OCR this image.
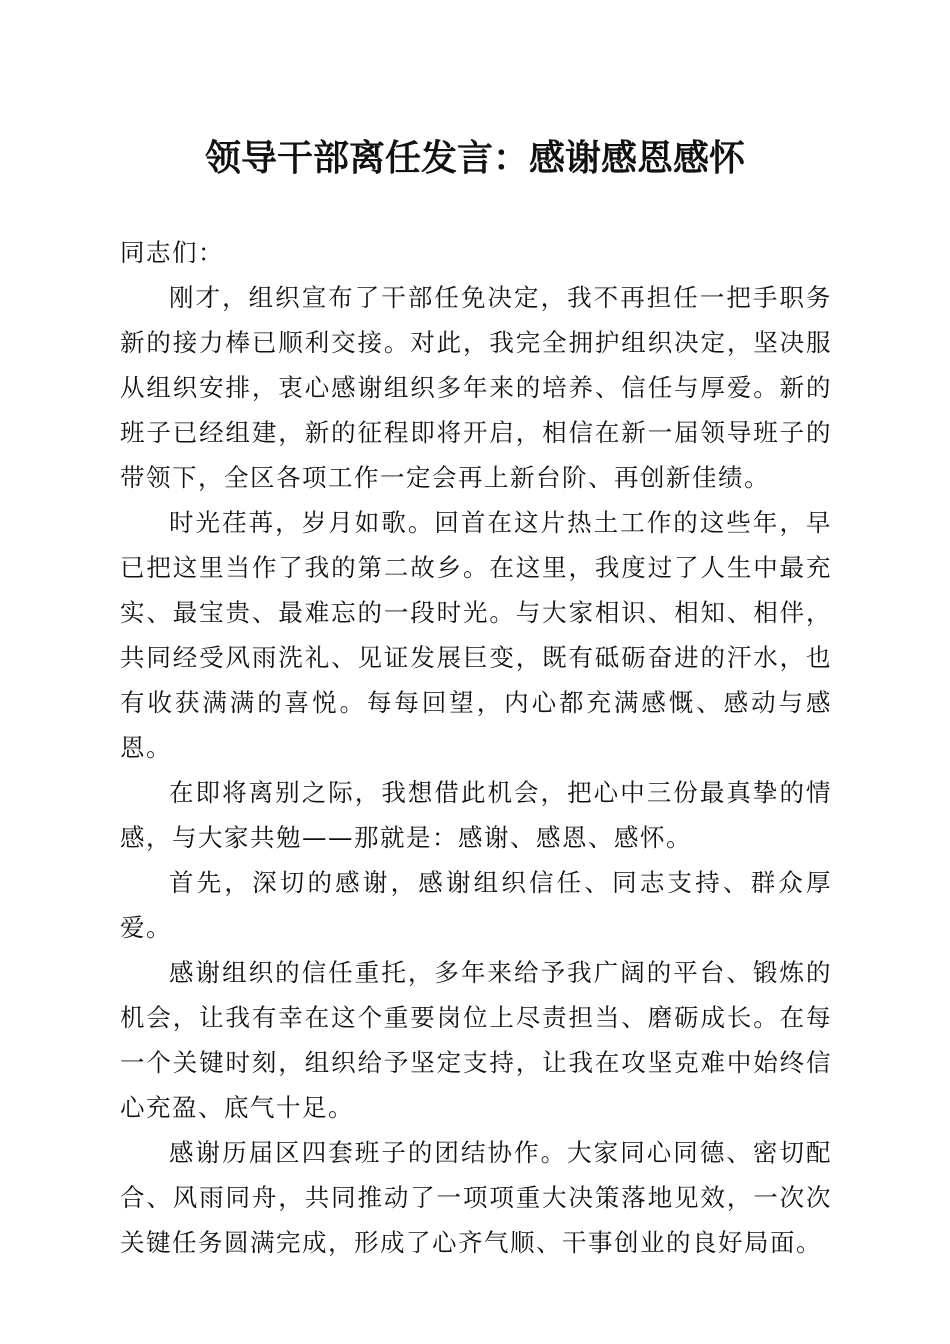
领导干部离任发言：感谢感恩感怀

同志们：

刚才，组织宣布了干部任免决定，我不再担任一把手职务新的接力棒已顺利交接。对此，我完全拥护组织决定，坚决服从组织安排，衷心感谢组织多年来的培养、信任与厚爱。新的班子已经组建，新的征程即将开启，相信在新一届领导班子的带领下，全区各项工作一定会再上新台阶、再创新佳绩。

时光荏苒，岁月如歌。回首在这片热土工作的这些年，早已把这里当作了我的第二故乡。在这里，我度过了人生中最充实、最宝贵、最难忘的一段时光。与大家相识、相知、相伴，共同经受风雨洗礼、见证发展巨变，既有砥砺奋进的汗水，也有收获满满的喜悦。每每回望，内心都充满感慨、感动与感恩。

在即将离别之际，我想借此机会，把心中三份最真挚的情感，与大家共勉——那就是：感谢、感恩、感怀。

首先，深切的感谢，感谢组织信任、同志支持、群众厚爱。

感谢组织的信任重托，多年来给予我广阔的平台、锻炼的机会，让我有幸在这个重要岗位上尽责担当、磨砺成长。在每一个关键时刻，组织给予坚定支持，让我在攻坚克难中始终信心充盈、底气十足。

感谢历届区四套班子的团结协作。大家同心同德、密切配合、风雨同舟，共同推动了一项项重大决策落地见效，一次次关键任务圆满完成，形成了心齐气顺、干事创业的良好局面。
